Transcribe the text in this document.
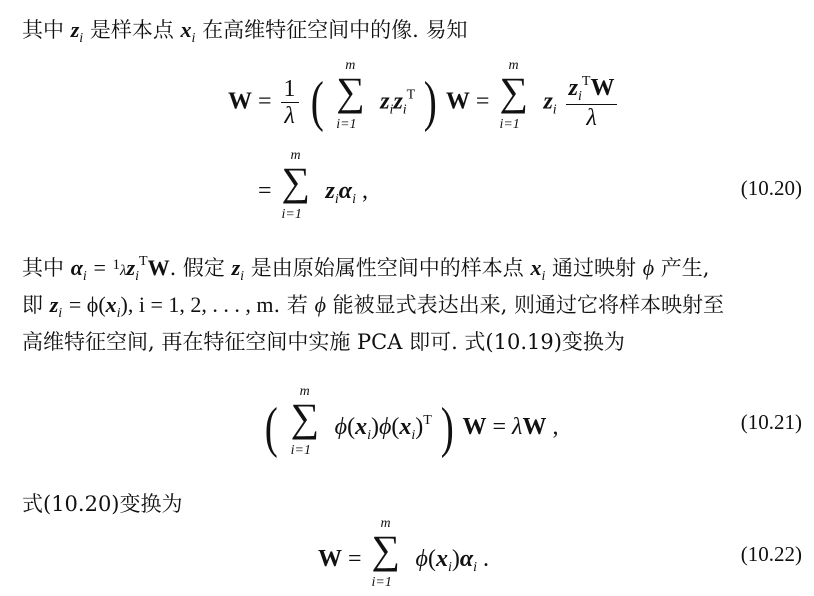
其中 $z_i$ 是样本点 $x_i$ 在高维特征空间中的像. 易知
$W = \frac{1}{\lambda}$ (
m
∑
i=1
$z_iz_i^T$ ) W =
m
∑
i=1
$z_i \frac{z_i^TW}{\lambda}$
=
m
∑
i=1
$z_i\alpha_i$ ,	(10.20)
其中 $\alpha_i = ^1\lambda z_i^TW$. 假定 $z_i$ 是由原始属性空间中的样本点 $x_i$ 通过映射 ϕ 产生,
即 $z_i = \phi(x_i)$, i = 1, 2, . . . , m. 若 ϕ 能被显式表达出来, 则通过它将样本映射至
高维特征空间, 再在特征空间中实施 PCA 即可. 式(10.19)变换为
(
m
∑
i=1
$\phi(x_i)\phi(x_i)^T$ ) W = λW ,	(10.21)
式(10.20)变换为
W =
m
∑
i=1
$\phi(x_i)\alpha_i$ .	(10.22)
